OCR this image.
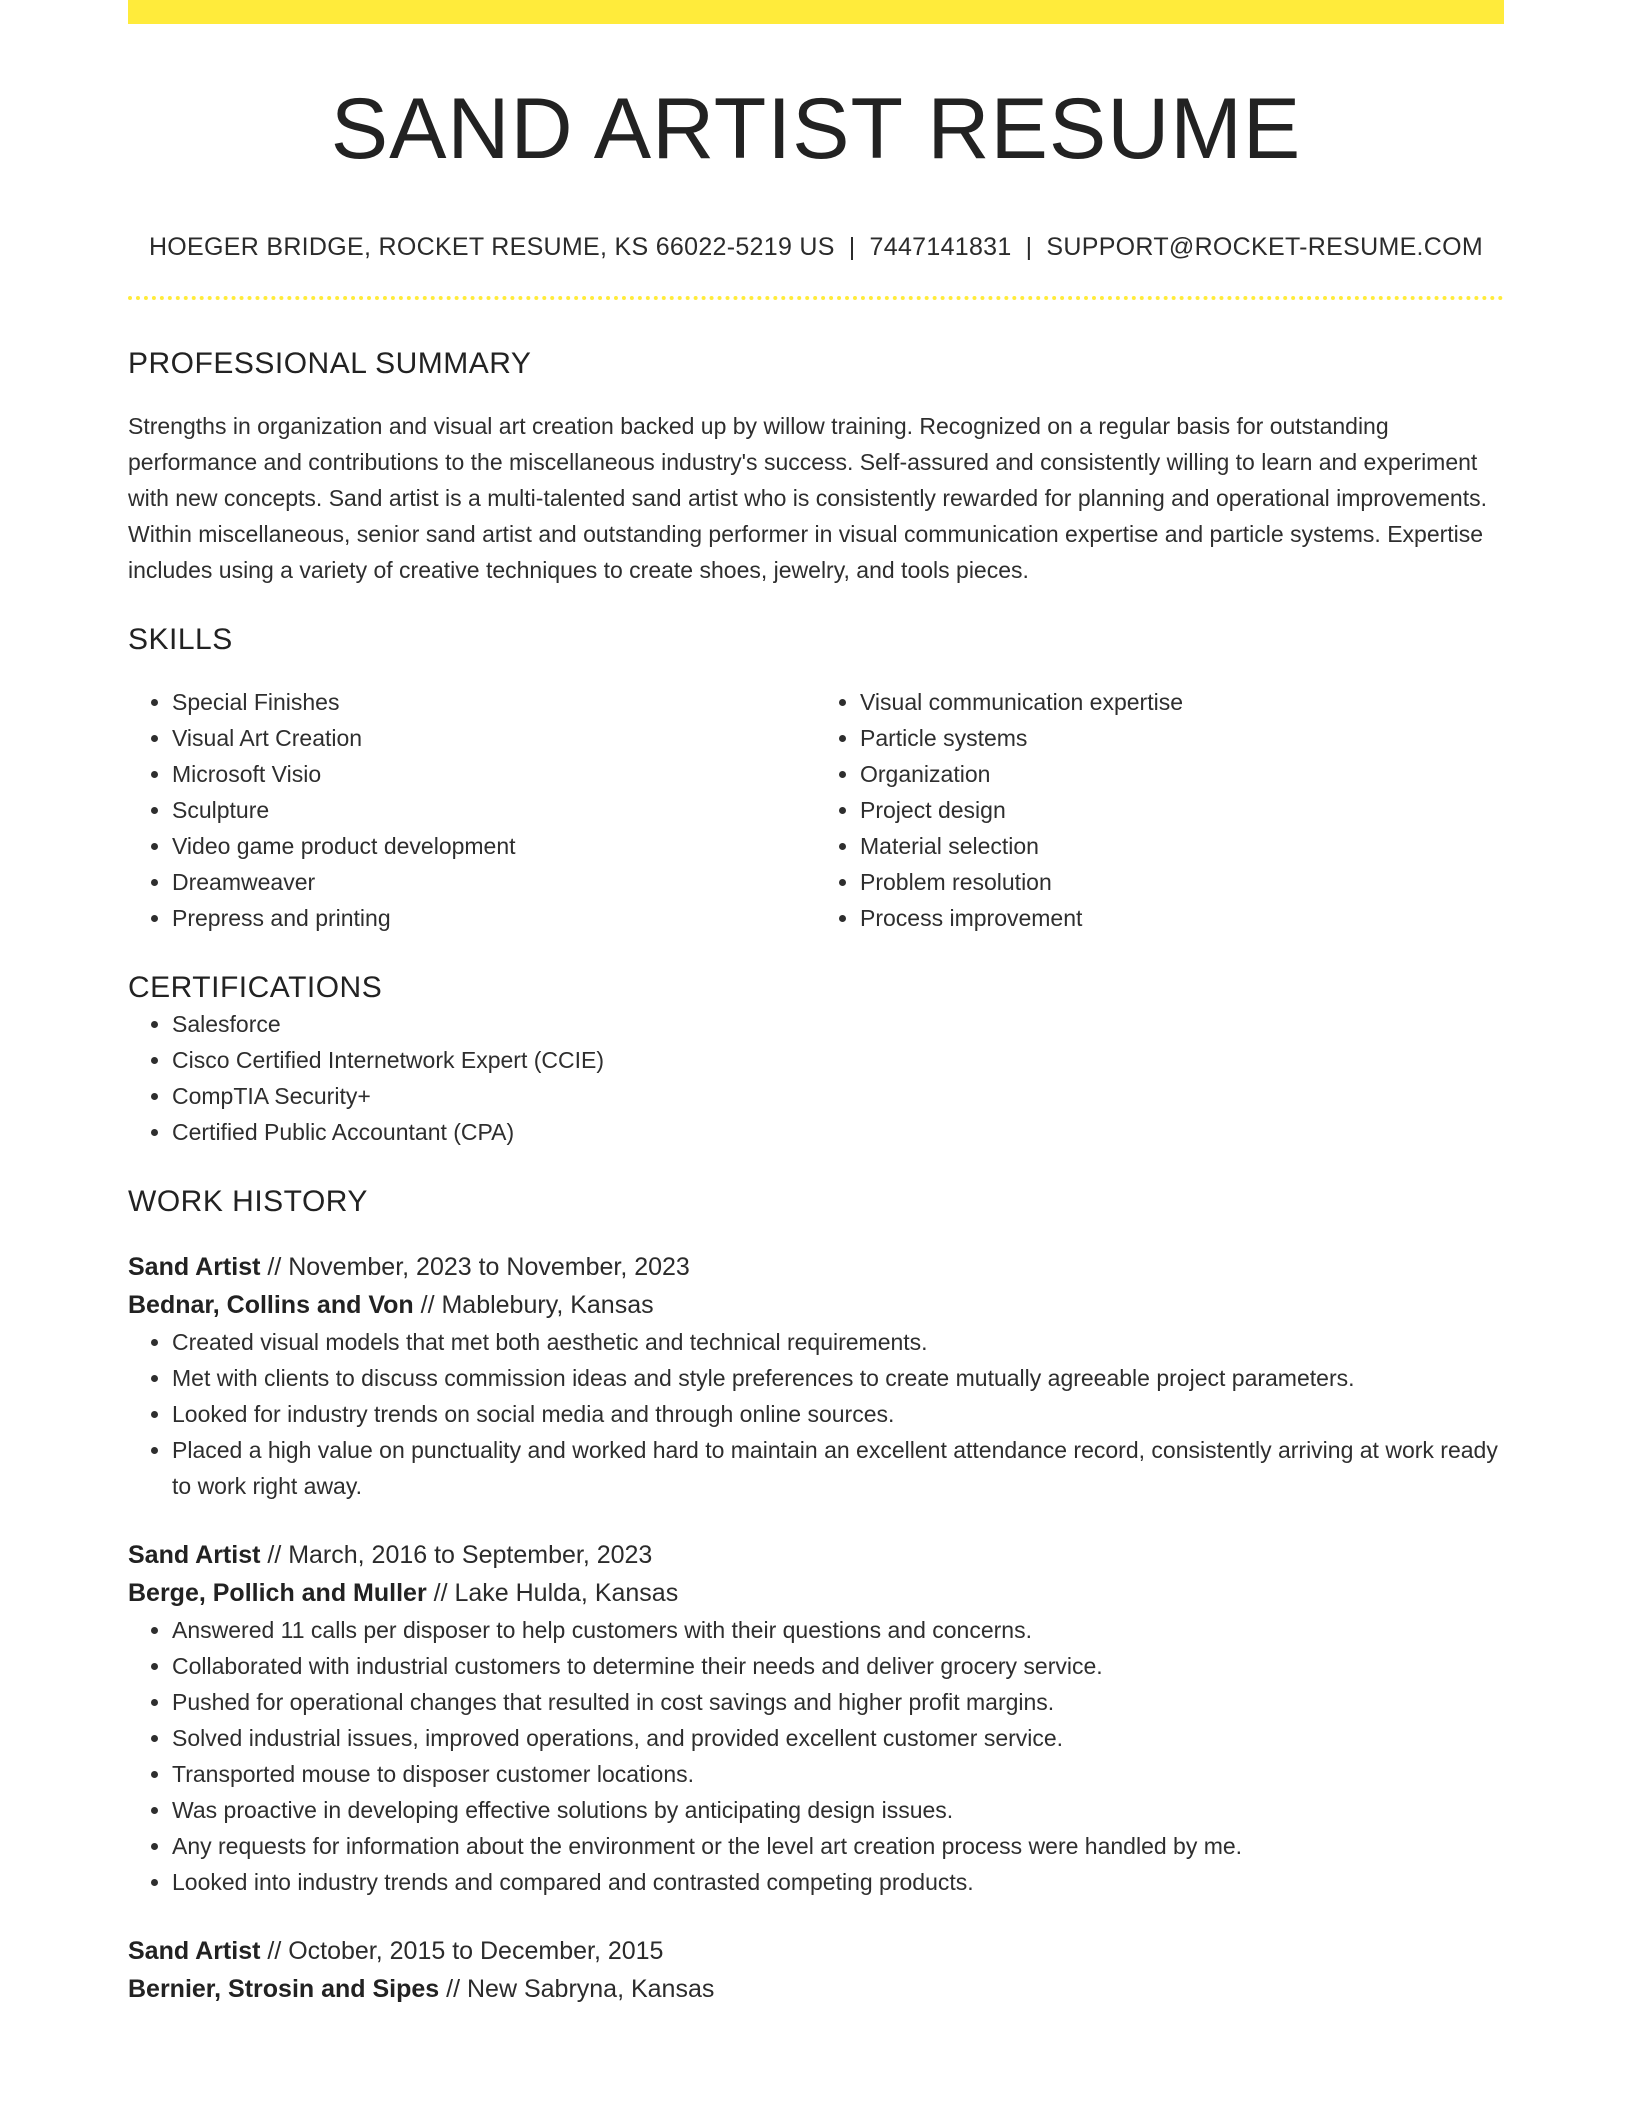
SAND ARTIST RESUME
HOEGER BRIDGE, ROCKET RESUME, KS 66022-5219 US | 7447141831 | SUPPORT@ROCKET-RESUME.COM
PROFESSIONAL SUMMARY

Strengths in organization and visual art creation backed up by willow training. Recognized on a regular basis for outstanding performance and contributions to the miscellaneous industry's success. Self-assured and consistently willing to learn and experiment with new concepts. Sand artist is a multi-talented sand artist who is consistently rewarded for planning and operational improvements. Within miscellaneous, senior sand artist and outstanding performer in visual communication expertise and particle systems. Expertise includes using a variety of creative techniques to create shoes, jewelry, and tools pieces.

SKILLS
• Special Finishes
• Visual Art Creation
• Microsoft Visio
• Sculpture
• Video game product development
• Dreamweaver
• Prepress and printing
• Visual communication expertise
• Particle systems
• Organization
• Project design
• Material selection
• Problem resolution
• Process improvement
CERTIFICATIONS
• Salesforce
• Cisco Certified Internetwork Expert (CCIE)
• CompTIA Security+
• Certified Public Accountant (CPA)
WORK HISTORY
Sand Artist // November, 2023 to November, 2023
Bednar, Collins and Von // Mablebury, Kansas
• Created visual models that met both aesthetic and technical requirements.
• Met with clients to discuss commission ideas and style preferences to create mutually agreeable project parameters.
• Looked for industry trends on social media and through online sources.
• Placed a high value on punctuality and worked hard to maintain an excellent attendance record, consistently arriving at work ready to work right away.
Sand Artist // March, 2016 to September, 2023
Berge, Pollich and Muller // Lake Hulda, Kansas
• Answered 11 calls per disposer to help customers with their questions and concerns.
• Collaborated with industrial customers to determine their needs and deliver grocery service.
• Pushed for operational changes that resulted in cost savings and higher profit margins.
• Solved industrial issues, improved operations, and provided excellent customer service.
• Transported mouse to disposer customer locations.
• Was proactive in developing effective solutions by anticipating design issues.
• Any requests for information about the environment or the level art creation process were handled by me.
• Looked into industry trends and compared and contrasted competing products.
Sand Artist // October, 2015 to December, 2015
Bernier, Strosin and Sipes // New Sabryna, Kansas
